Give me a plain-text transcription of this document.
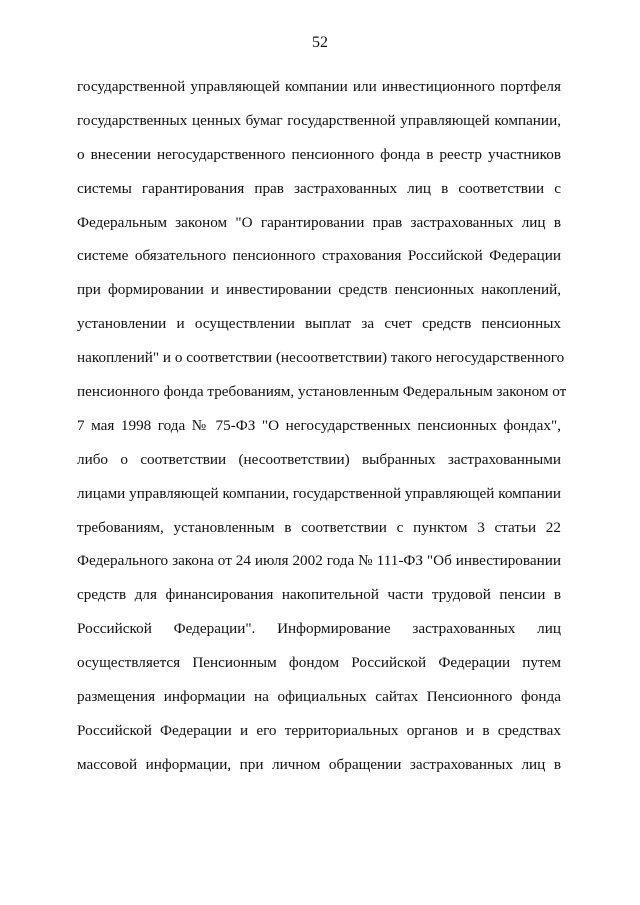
52
государственной управляющей компании или инвестиционного портфеля
государственных ценных бумаг государственной управляющей компании,
о внесении негосударственного пенсионного фонда в реестр участников
системы гарантирования прав застрахованных лиц в соответствии с
Федеральным законом "О гарантировании прав застрахованных лиц в
системе обязательного пенсионного страхования Российской Федерации
при формировании и инвестировании средств пенсионных накоплений,
установлении и осуществлении выплат за счет средств пенсионных
накоплений" и о соответствии (несоответствии) такого негосударственного
пенсионного фонда требованиям, установленным Федеральным законом от
7 мая 1998 года № 75-ФЗ "О негосударственных пенсионных фондах",
либо о соответствии (несоответствии) выбранных застрахованными
лицами управляющей компании, государственной управляющей компании
требованиям, установленным в соответствии с пунктом 3 статьи 22
Федерального закона от 24 июля 2002 года № 111-ФЗ "Об инвестировании
средств для финансирования накопительной части трудовой пенсии в
Российской Федерации". Информирование застрахованных лиц
осуществляется Пенсионным фондом Российской Федерации путем
размещения информации на официальных сайтах Пенсионного фонда
Российской Федерации и его территориальных органов и в средствах
массовой информации, при личном обращении застрахованных лиц в
